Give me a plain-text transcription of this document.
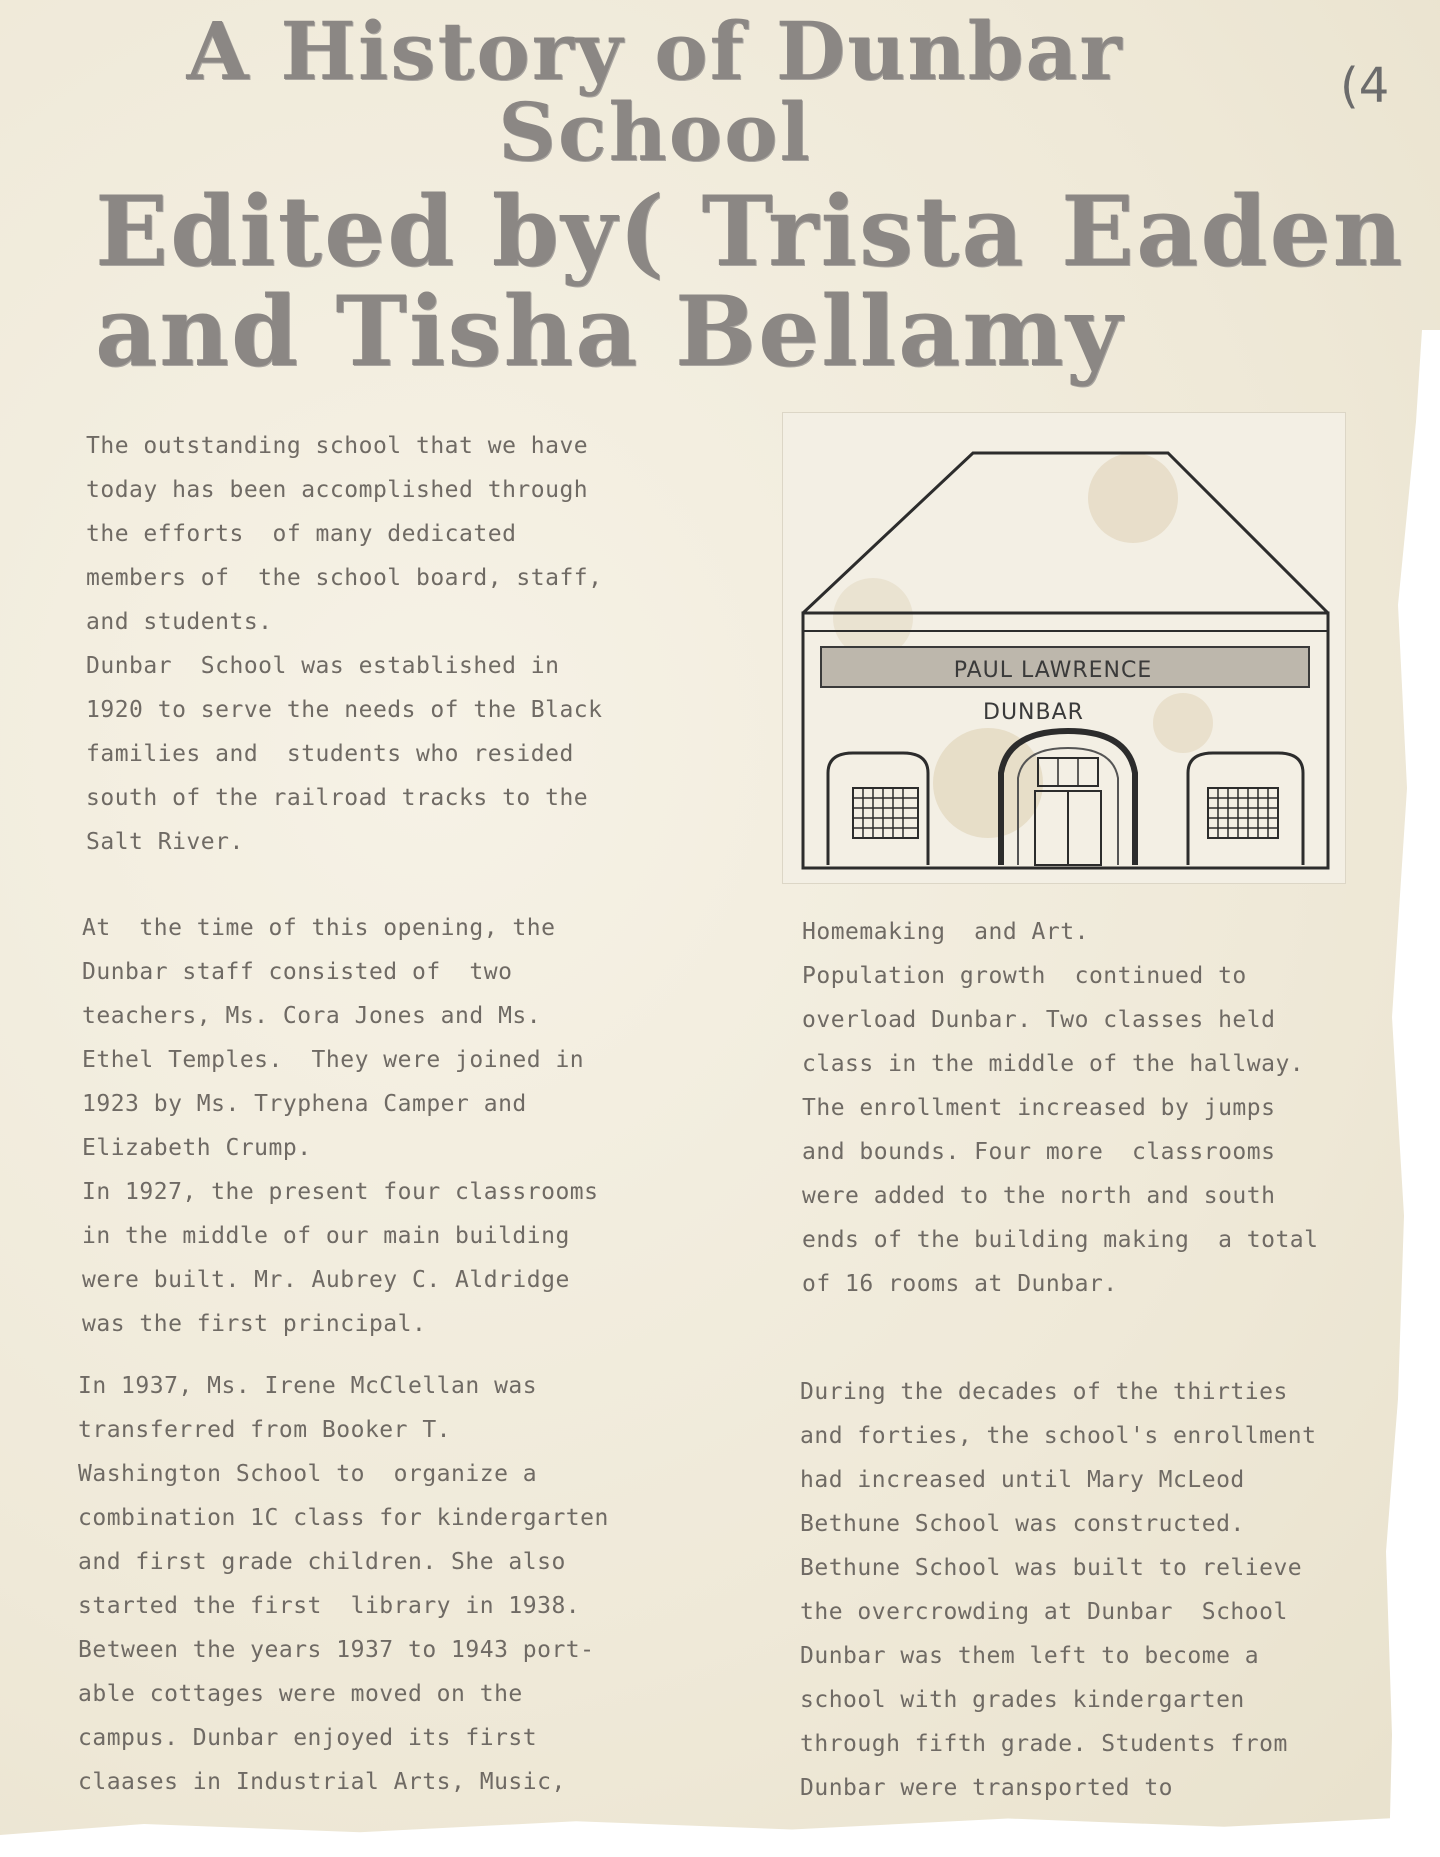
A History of Dunbar
School
Edited by( Trista Eaden
and Tisha Bellamy
(4
PAUL LAWRENCE
DUNBAR

The outstanding school that we have

today has been accomplished through

the efforts  of many dedicated

members of  the school board, staff,

and students.

Dunbar  School was established in

1920 to serve the needs of the Black

families and  students who resided

south of the railroad tracks to the

Salt River.

At  the time of this opening, the

Dunbar staff consisted of  two

teachers, Ms. Cora Jones and Ms.

Ethel Temples.  They were joined in

1923 by Ms. Tryphena Camper and

Elizabeth Crump.

In 1927, the present four classrooms

in the middle of our main building

were built. Mr. Aubrey C. Aldridge

was the first principal.

In 1937, Ms. Irene McClellan was

transferred from Booker T.

Washington School to  organize a

combination 1C class for kindergarten

and first grade children. She also

started the first  library in 1938.

Between the years 1937 to 1943 port-

able cottages were moved on the

campus. Dunbar enjoyed its first

claases in Industrial Arts, Music,

Homemaking  and Art.

Population growth  continued to

overload Dunbar. Two classes held

class in the middle of the hallway.

The enrollment increased by jumps

and bounds. Four more  classrooms

were added to the north and south

ends of the building making  a total

of 16 rooms at Dunbar.

During the decades of the thirties

and forties, the school's enrollment

had increased until Mary McLeod

Bethune School was constructed.

Bethune School was built to relieve

the overcrowding at Dunbar  School

Dunbar was them left to become a

school with grades kindergarten

through fifth grade. Students from

Dunbar were transported to
